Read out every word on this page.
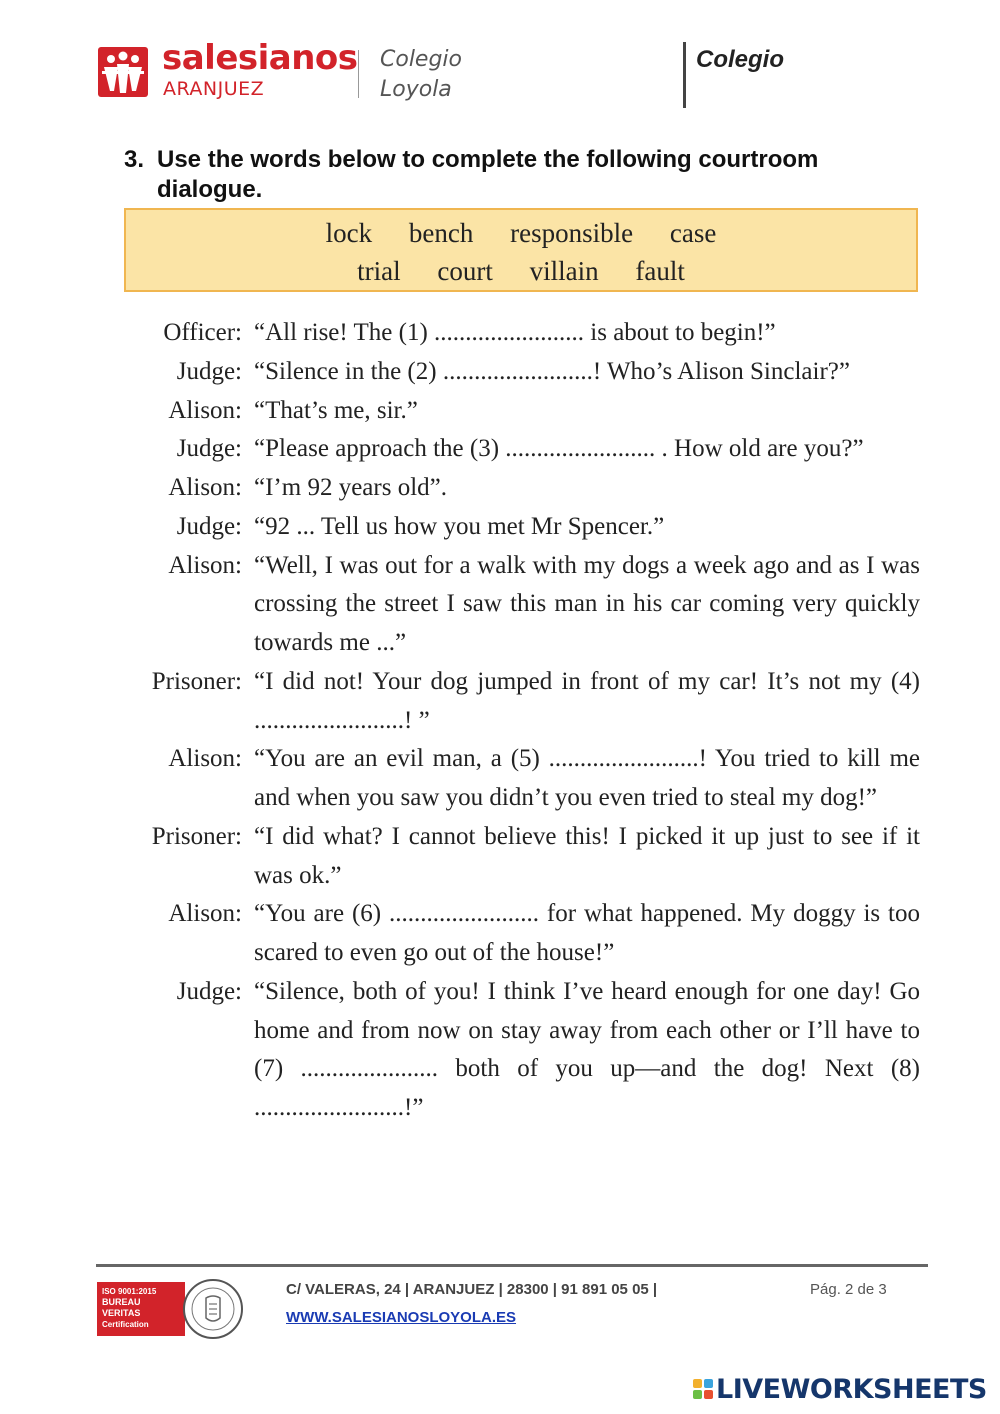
salesianos
ARANJUEZ
Colegio
Loyola
Colegio
3. Use the words below to complete the following courtroom
dialogue.
lock bench responsible case
trial court villain fault
Officer: “All rise! The (1) ........................ is about to begin!”
Judge: “Silence in the (2) ........................! Who’s Alison Sinclair?”
Alison: “That’s me, sir.”
Judge: “Please approach the (3) ........................ . How old are you?”
Alison: “I’m 92 years old”.
Judge: “92 ... Tell us how you met Mr Spencer.”
Alison: “Well, I was out for a walk with my dogs a week ago and as I was crossing the street I saw this man in his car coming very quickly towards me ...”
Prisoner: “I did not! Your dog jumped in front of my car! It’s not my (4) ........................! ”
Alison: “You are an evil man, a (5) ........................! You tried to kill me and when you saw you didn’t you even tried to steal my dog!”
Prisoner: “I did what? I cannot believe this! I picked it up just to see if it was ok.”
Alison: “You are (6) ........................ for what happened. My doggy is too scared to even go out of the house!”
Judge: “Silence, both of you! I think I’ve heard enough for one day! Go home and from now on stay away from each other or I’ll have to (7) ...................... both of you up—and the dog! Next (8) ........................!”
ISO 9001:2015
BUREAU VERITAS
Certification
C/ VALERAS, 24 | ARANJUEZ | 28300 | 91 891 05 05 |	Pág. 2 de 3
WWW.SALESIANOSLOYOLA.ES
LIVEWORKSHEETS
